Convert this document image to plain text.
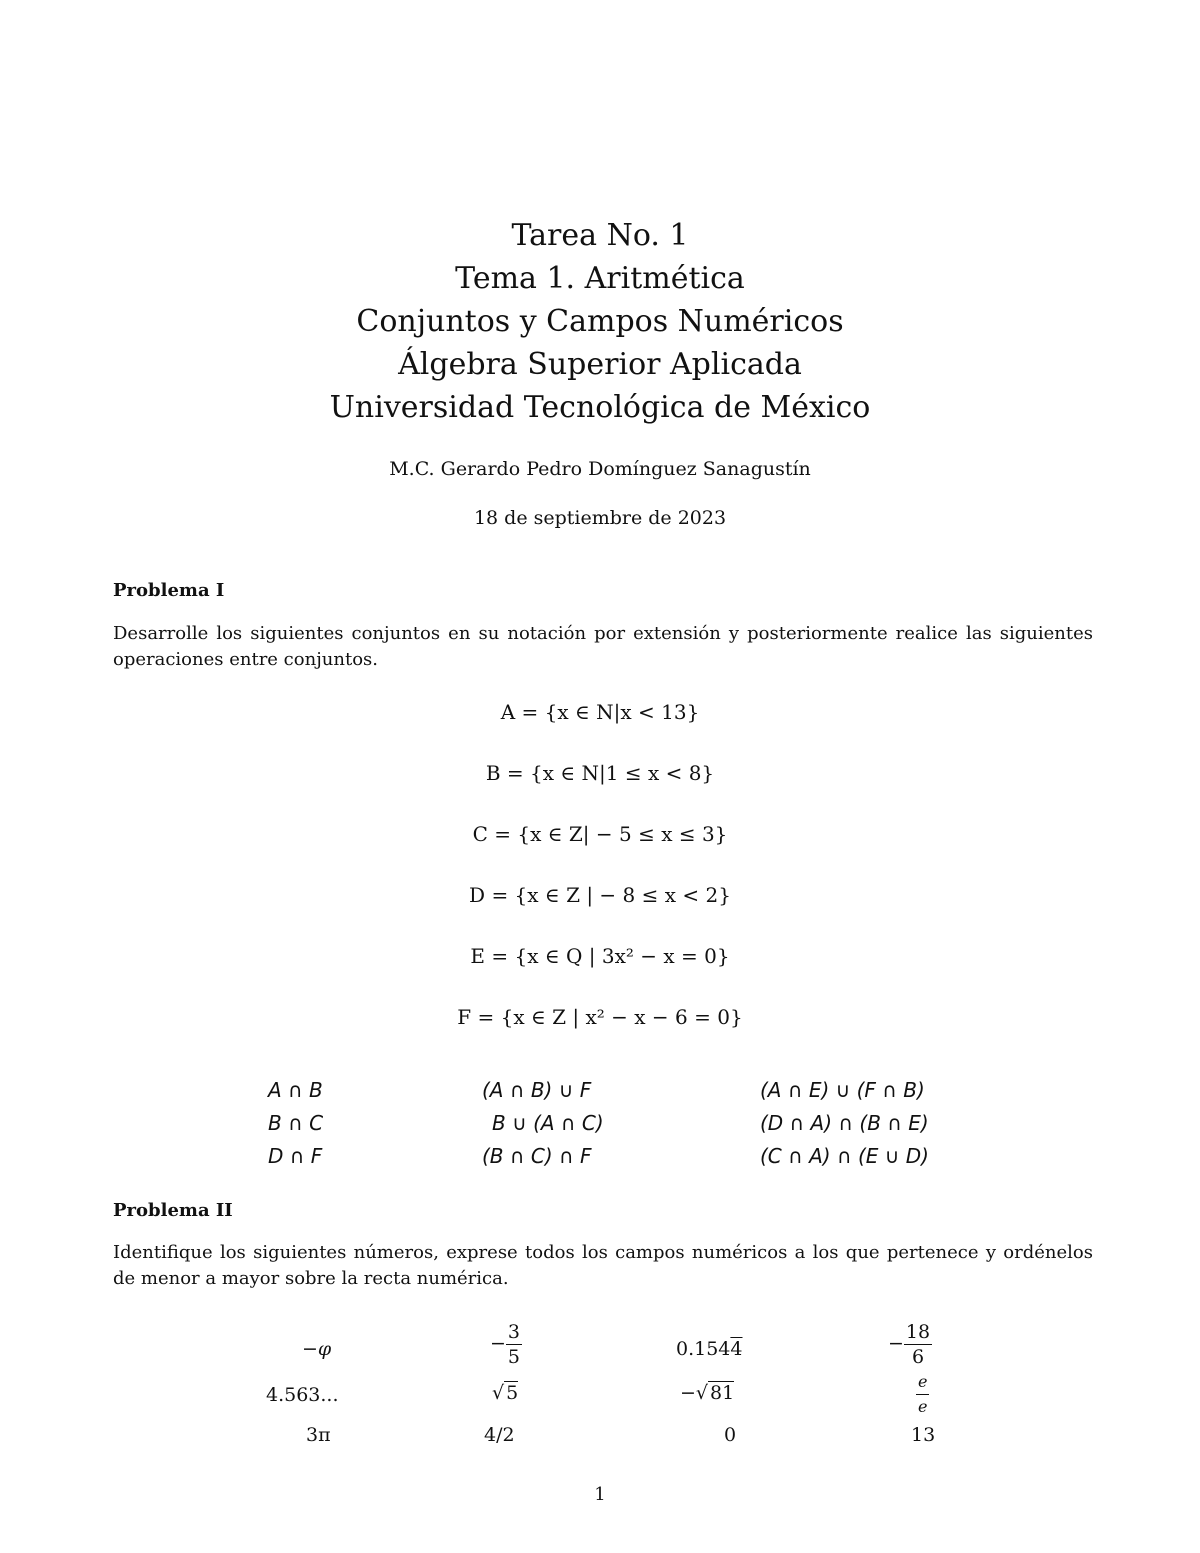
Tarea No. 1
Tema 1. Aritmética
Conjuntos y Campos Numéricos
Álgebra Superior Aplicada
Universidad Tecnológica de México
M.C. Gerardo Pedro Domínguez Sanagustín
18 de septiembre de 2023
Problema I
Desarrolle los siguientes conjuntos en su notación por extensión y posteriormente realice las siguientes operaciones entre conjuntos.
A = {x ∈ N|x < 13}
B = {x ∈ N|1 ≤ x < 8}
C = {x ∈ Z| − 5 ≤ x ≤ 3}
D = {x ∈ Z | − 8 ≤ x < 2}
E = {x ∈ Q | 3x² − x = 0}
F = {x ∈ Z | x² − x − 6 = 0}
A ∩ B	(A ∩ B) ∪ F	(A ∩ E) ∪ (F ∩ B)
B ∩ C	B ∪ (A ∩ C)	(D ∩ A) ∩ (B ∩ E)
D ∩ F	(B ∩ C) ∩ F	(C ∩ A) ∩ (E ∪ D)
Problema II
Identifique los siguientes números, exprese todos los campos numéricos a los que pertenece y ordénelos de menor a mayor sobre la recta numérica.
−φ	− $\frac{3}{5}$	0.1544	− $\frac{18}{6}$
4.563...	√ 5	−√ 81	$\frac{e}{e}$
3π	4/2	0	13
1
